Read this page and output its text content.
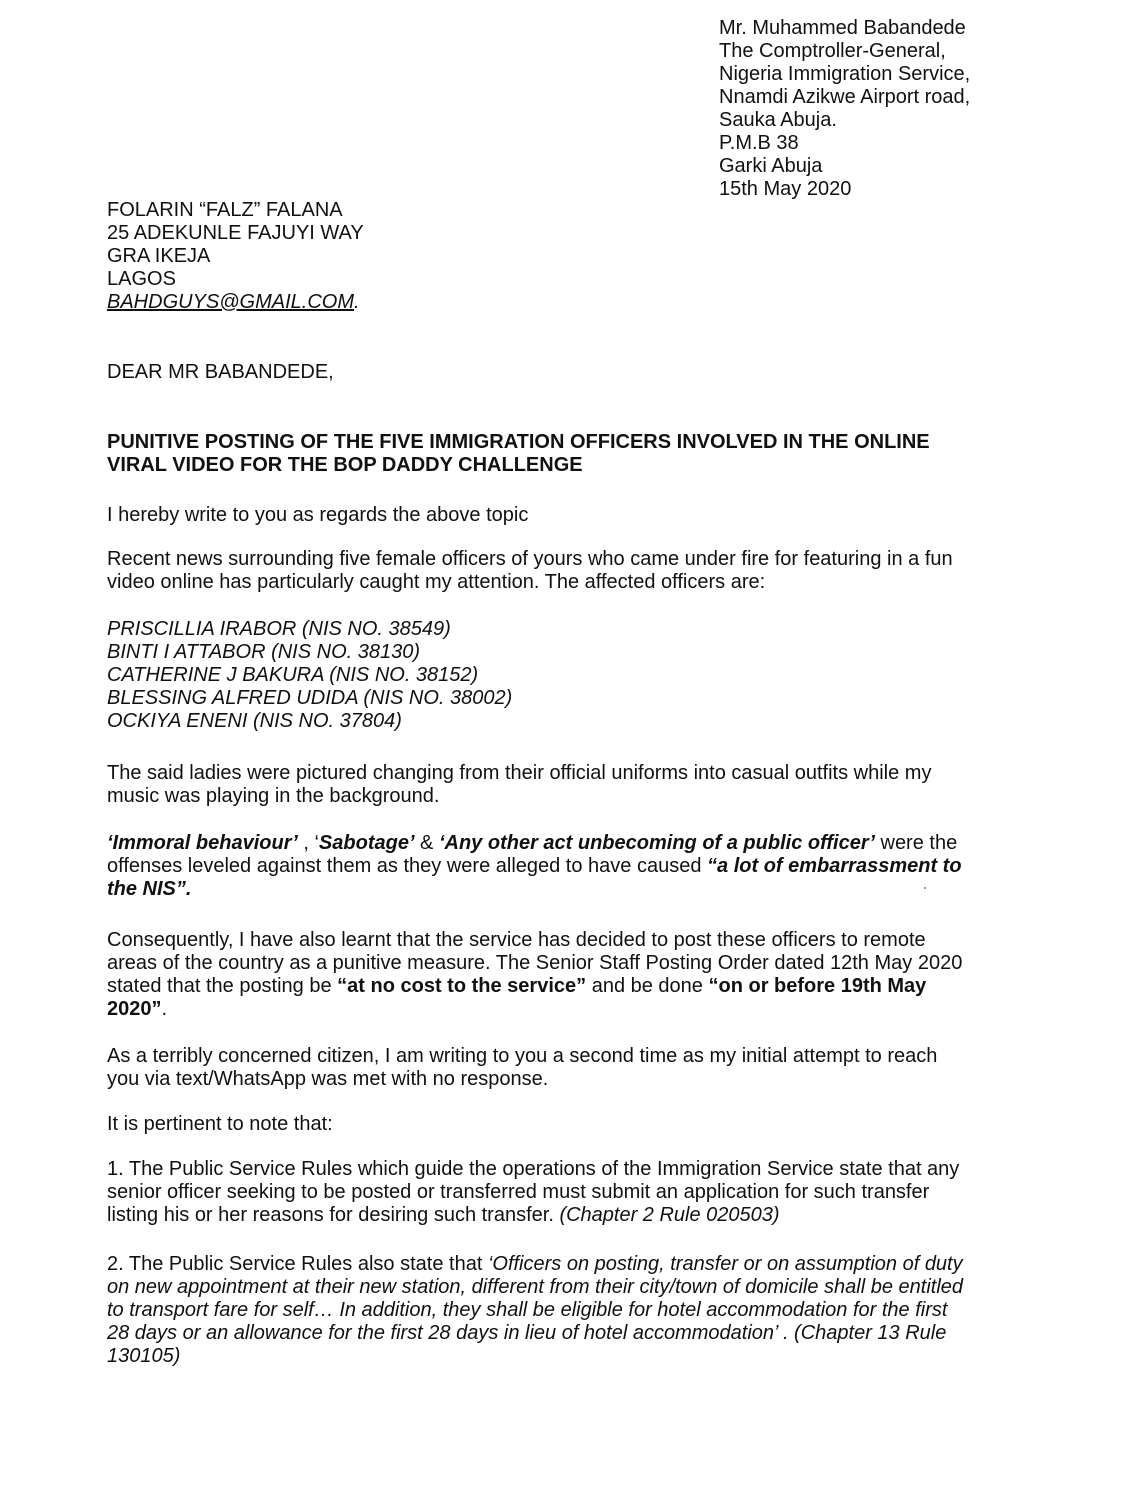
Mr. Muhammed Babandede
The Comptroller-General,
Nigeria Immigration Service,
Nnamdi Azikwe Airport road,
Sauka Abuja.
P.M.B 38
Garki Abuja
15th May 2020
FOLARIN “FALZ” FALANA
25 ADEKUNLE FAJUYI WAY
GRA IKEJA
LAGOS
BAHDGUYS@GMAIL.COM.
DEAR MR BABANDEDE,
PUNITIVE POSTING OF THE FIVE IMMIGRATION OFFICERS INVOLVED IN THE ONLINE
VIRAL VIDEO FOR THE BOP DADDY CHALLENGE
I hereby write to you as regards the above topic
Recent news surrounding five female officers of yours who came under fire for featuring in a fun
video online has particularly caught my attention. The affected officers are:
PRISCILLIA IRABOR (NIS NO. 38549)
BINTI I ATTABOR (NIS NO. 38130)
CATHERINE J BAKURA (NIS NO. 38152)
BLESSING ALFRED UDIDA (NIS NO. 38002)
OCKIYA ENENI (NIS NO. 37804)
The said ladies were pictured changing from their official uniforms into casual outfits while my
music was playing in the background.
‘Immoral behaviour’ , ‘Sabotage’ & ‘Any other act unbecoming of a public officer’ were the
offenses leveled against them as they were alleged to have caused “a lot of embarrassment to
the NIS”.
Consequently, I have also learnt that the service has decided to post these officers to remote
areas of the country as a punitive measure. The Senior Staff Posting Order dated 12th May 2020
stated that the posting be “at no cost to the service” and be done “on or before 19th May
2020”.
As a terribly concerned citizen, I am writing to you a second time as my initial attempt to reach
you via text/WhatsApp was met with no response.
It is pertinent to note that:
1. The Public Service Rules which guide the operations of the Immigration Service state that any
senior officer seeking to be posted or transferred must submit an application for such transfer
listing his or her reasons for desiring such transfer. (Chapter 2 Rule 020503)
2. The Public Service Rules also state that ‘Officers on posting, transfer or on assumption of duty
on new appointment at their new station, different from their city/town of domicile shall be entitled
to transport fare for self… In addition, they shall be eligible for hotel accommodation for the first
28 days or an allowance for the first 28 days in lieu of hotel accommodation’ . (Chapter 13 Rule
130105)
